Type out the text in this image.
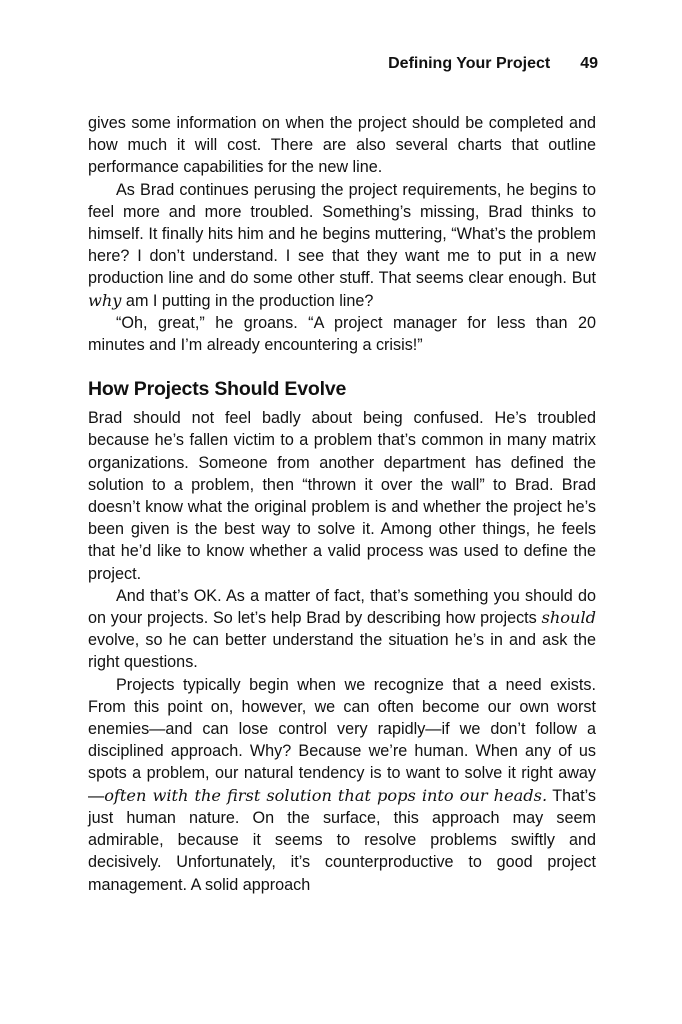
Defining Your Project 49

gives some information on when the project should be completed and how much it will cost. There are also several charts that outline performance capabilities for the new line.

As Brad continues perusing the project requirements, he begins to feel more and more troubled. Something’s missing, Brad thinks to himself. It finally hits him and he begins muttering, “What’s the problem here? I don’t understand. I see that they want me to put in a new production line and do some other stuff. That seems clear enough. But why am I putting in the production line?

“Oh, great,” he groans. “A project manager for less than 20 minutes and I’m already encountering a crisis!”

How Projects Should Evolve

Brad should not feel badly about being confused. He’s troubled because he’s fallen victim to a problem that’s common in many matrix organizations. Someone from another department has defined the solution to a problem, then “thrown it over the wall” to Brad. Brad doesn’t know what the original problem is and whether the project he’s been given is the best way to solve it. Among other things, he feels that he’d like to know whether a valid process was used to define the project.

And that’s OK. As a matter of fact, that’s something you should do on your projects. So let’s help Brad by describing how projects should evolve, so he can better understand the situation he’s in and ask the right questions.

Projects typically begin when we recognize that a need exists. From this point on, however, we can often become our own worst enemies—and can lose control very rapidly—if we don’t follow a disciplined approach. Why? Because we’re human. When any of us spots a problem, our natural tendency is to want to solve it right away—often with the first solution that pops into our heads. That’s just human nature. On the surface, this approach may seem admirable, because it seems to resolve problems swiftly and decisively. Unfortunately, it’s counterproductive to good project management. A solid approach
